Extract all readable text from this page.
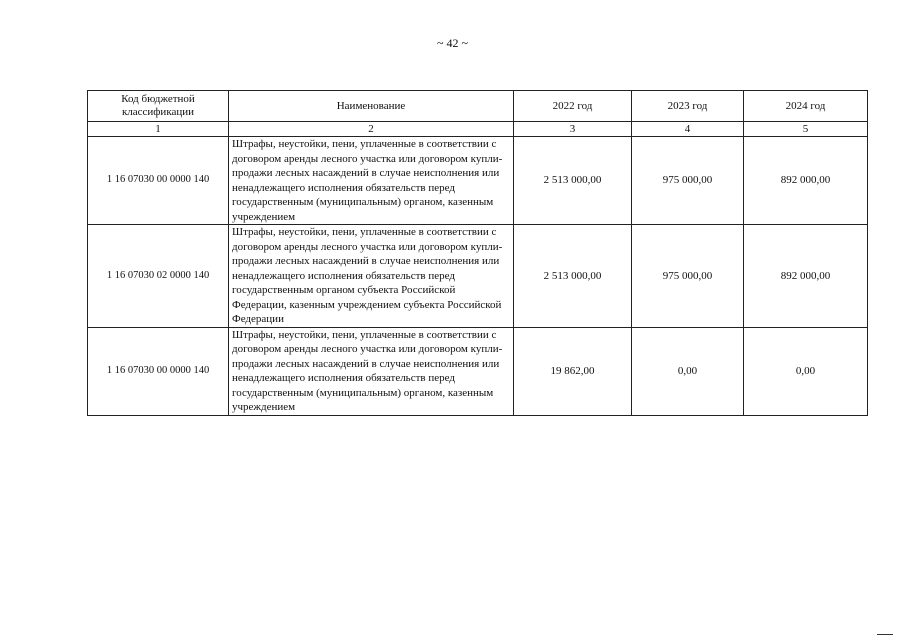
~ 42 ~
Код бюджетной классификации	Наименование	2022 год	2023 год	2024 год
1	2	3	4	5
1 16 07030 00 0000 140	Штрафы, неустойки, пени, уплаченные в соответствии с договором аренды лесного участка или договором купли-продажи лесных насаждений в случае неисполнения или ненадлежащего исполнения обязательств перед государственным (муниципальным) органом, казенным учреждением	2 513 000,00	975 000,00	892 000,00
1 16 07030 02 0000 140	Штрафы, неустойки, пени, уплаченные в соответствии с договором аренды лесного участка или договором купли-продажи лесных насаждений в случае неисполнения или ненадлежащего исполнения обязательств перед государственным органом субъекта Российской Федерации, казенным учреждением субъекта Российской Федерации	2 513 000,00	975 000,00	892 000,00
1 16 07030 00 0000 140	Штрафы, неустойки, пени, уплаченные в соответствии с договором аренды лесного участка или договором купли-продажи лесных насаждений в случае неисполнения или ненадлежащего исполнения обязательств перед государственным (муниципальным) органом, казенным учреждением	19 862,00	0,00	0,00
